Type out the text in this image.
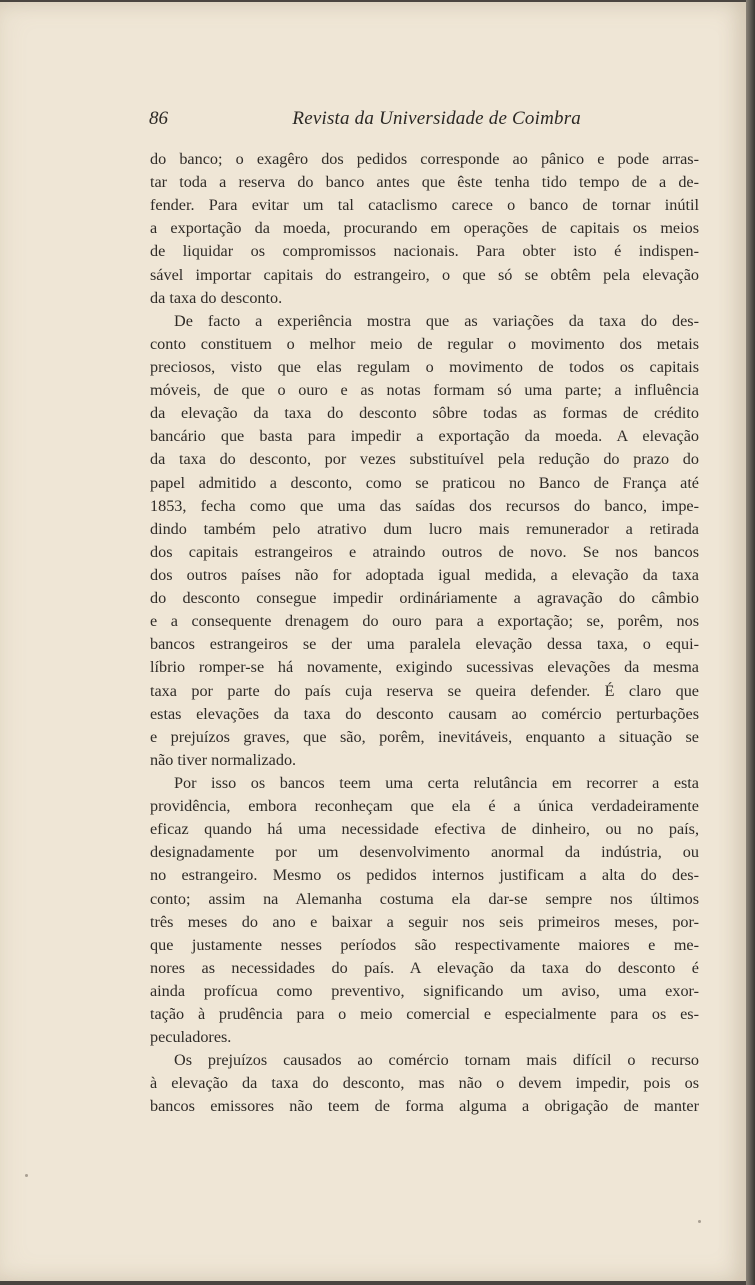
86	Revista da Universidade de Coimbra
do banco; o exagêro dos pedidos corresponde ao pânico e pode arras-
tar toda a reserva do banco antes que êste tenha tido tempo de a de-
fender. Para evitar um tal cataclismo carece o banco de tornar inútil
a exportação da moeda, procurando em operações de capitais os meios
de liquidar os compromissos nacionais. Para obter isto é indispen-
sável importar capitais do estrangeiro, o que só se obtêm pela elevação
da taxa do desconto.
De facto a experiência mostra que as variações da taxa do des-
conto constituem o melhor meio de regular o movimento dos metais
preciosos, visto que elas regulam o movimento de todos os capitais
móveis, de que o ouro e as notas formam só uma parte; a influência
da elevação da taxa do desconto sôbre todas as formas de crédito
bancário que basta para impedir a exportação da moeda. A elevação
da taxa do desconto, por vezes substituível pela redução do prazo do
papel admitido a desconto, como se praticou no Banco de França até
1853, fecha como que uma das saídas dos recursos do banco, impe-
dindo também pelo atrativo dum lucro mais remunerador a retirada
dos capitais estrangeiros e atraindo outros de novo. Se nos bancos
dos outros países não for adoptada igual medida, a elevação da taxa
do desconto consegue impedir ordináriamente a agravação do câmbio
e a consequente drenagem do ouro para a exportação; se, porêm, nos
bancos estrangeiros se der uma paralela elevação dessa taxa, o equi-
líbrio romper-se há novamente, exigindo sucessivas elevações da mesma
taxa por parte do país cuja reserva se queira defender. É claro que
estas elevações da taxa do desconto causam ao comércio perturbações
e prejuízos graves, que são, porêm, inevitáveis, enquanto a situação se
não tiver normalizado.
Por isso os bancos teem uma certa relutância em recorrer a esta
providência, embora reconheçam que ela é a única verdadeiramente
eficaz quando há uma necessidade efectiva de dinheiro, ou no país,
designadamente por um desenvolvimento anormal da indústria, ou
no estrangeiro. Mesmo os pedidos internos justificam a alta do des-
conto; assim na Alemanha costuma ela dar-se sempre nos últimos
três meses do ano e baixar a seguir nos seis primeiros meses, por-
que justamente nesses períodos são respectivamente maiores e me-
nores as necessidades do país. A elevação da taxa do desconto é
ainda profícua como preventivo, significando um aviso, uma exor-
tação à prudência para o meio comercial e especialmente para os es-
peculadores.
Os prejuízos causados ao comércio tornam mais difícil o recurso
à elevação da taxa do desconto, mas não o devem impedir, pois os
bancos emissores não teem de forma alguma a obrigação de manter
